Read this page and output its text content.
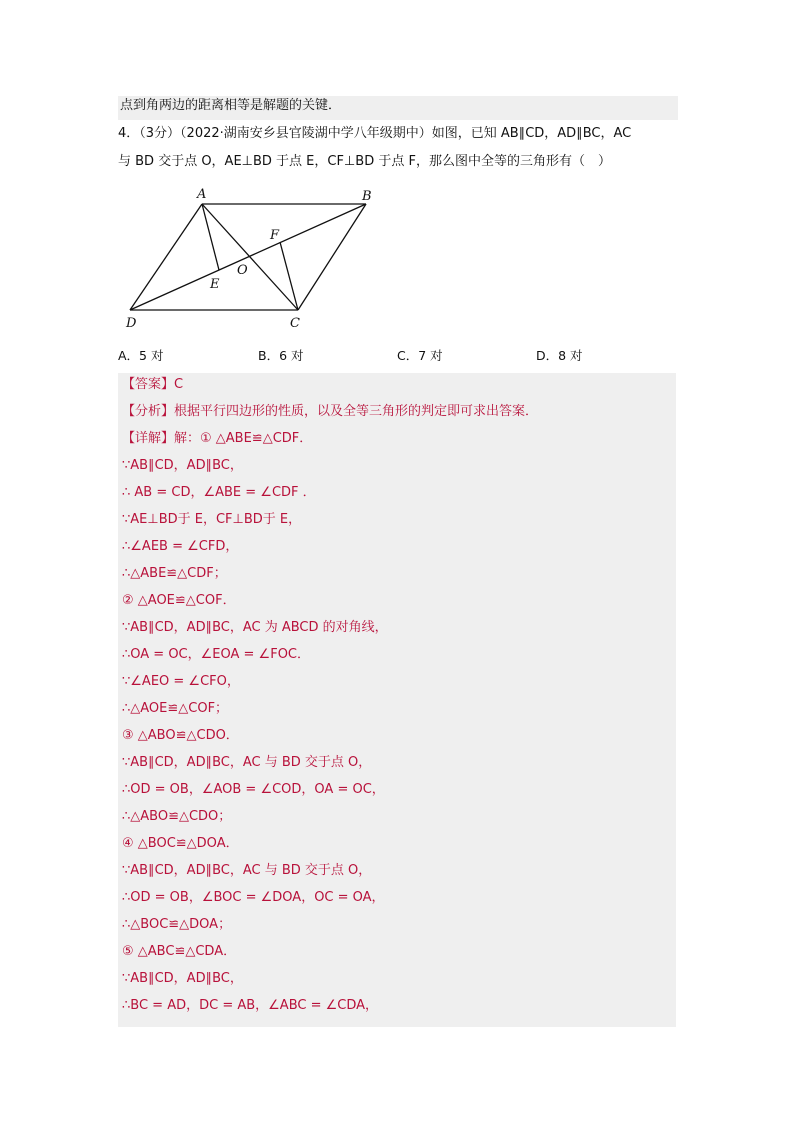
点到角两边的距离相等是解题的关键．
4．（3分）（2022·湖南安乡县官陵湖中学八年级期中）如图，已知 AB∥CD，AD∥BC，AC
与 BD 交于点 O，AE⊥BD 于点 E，CF⊥BD 于点 F，那么图中全等的三角形有（　）
A	B
C
D
E
F
O
A．5 对	B．6 对	C．7 对	D．8 对
【答案】C
【分析】根据平行四边形的性质，以及全等三角形的判定即可求出答案．
【详解】解：① △ABE≌△CDF．
∵AB∥CD，AD∥BC，
∴ AB = CD，∠ABE = ∠CDF ．
∵AE⊥BD于 E，CF⊥BD于 E，
∴∠AEB = ∠CFD，
∴△ABE≌△CDF；
② △AOE≌△COF．
∵AB∥CD，AD∥BC，AC 为 ABCD 的对角线，
∴OA = OC，∠EOA = ∠FOC．
∵∠AEO = ∠CFO，
∴△AOE≌△COF；
③ △ABO≌△CDO．
∵AB∥CD，AD∥BC，AC 与 BD 交于点 O，
∴OD = OB，∠AOB = ∠COD，OA = OC，
∴△ABO≌△CDO；
④ △BOC≌△DOA．
∵AB∥CD，AD∥BC，AC 与 BD 交于点 O，
∴OD = OB，∠BOC = ∠DOA，OC = OA，
∴△BOC≌△DOA；
⑤ △ABC≌△CDA．
∵AB∥CD，AD∥BC，
∴BC = AD，DC = AB，∠ABC = ∠CDA，
